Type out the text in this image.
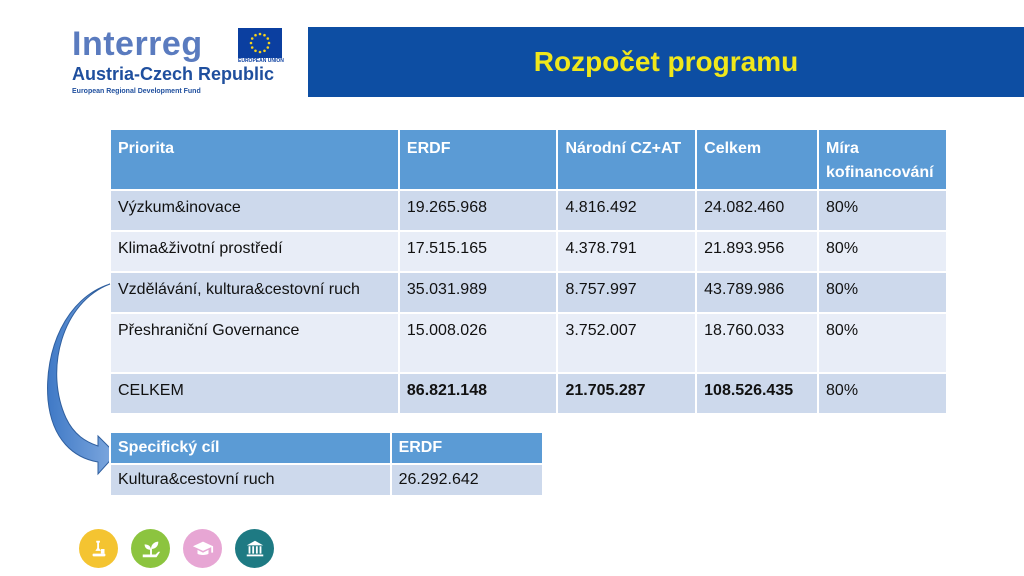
Interreg	EUROPEAN UNION
Austria-Czech Republic
European Regional Development Fund
Rozpočet programu
Priorita	ERDF	Národní CZ+AT	Celkem	Míra kofinancování
Výzkum&inovace	19.265.968	4.816.492	24.082.460	80%
Klima&životní prostředí	17.515.165	4.378.791	21.893.956	80%
Vzdělávání, kultura&cestovní ruch	35.031.989	8.757.997	43.789.986	80%
Přeshraniční Governance	15.008.026	3.752.007	18.760.033	80%
CELKEM	86.821.148	21.705.287	108.526.435	80%
Specifický cíl	ERDF
Kultura&cestovní ruch	26.292.642
